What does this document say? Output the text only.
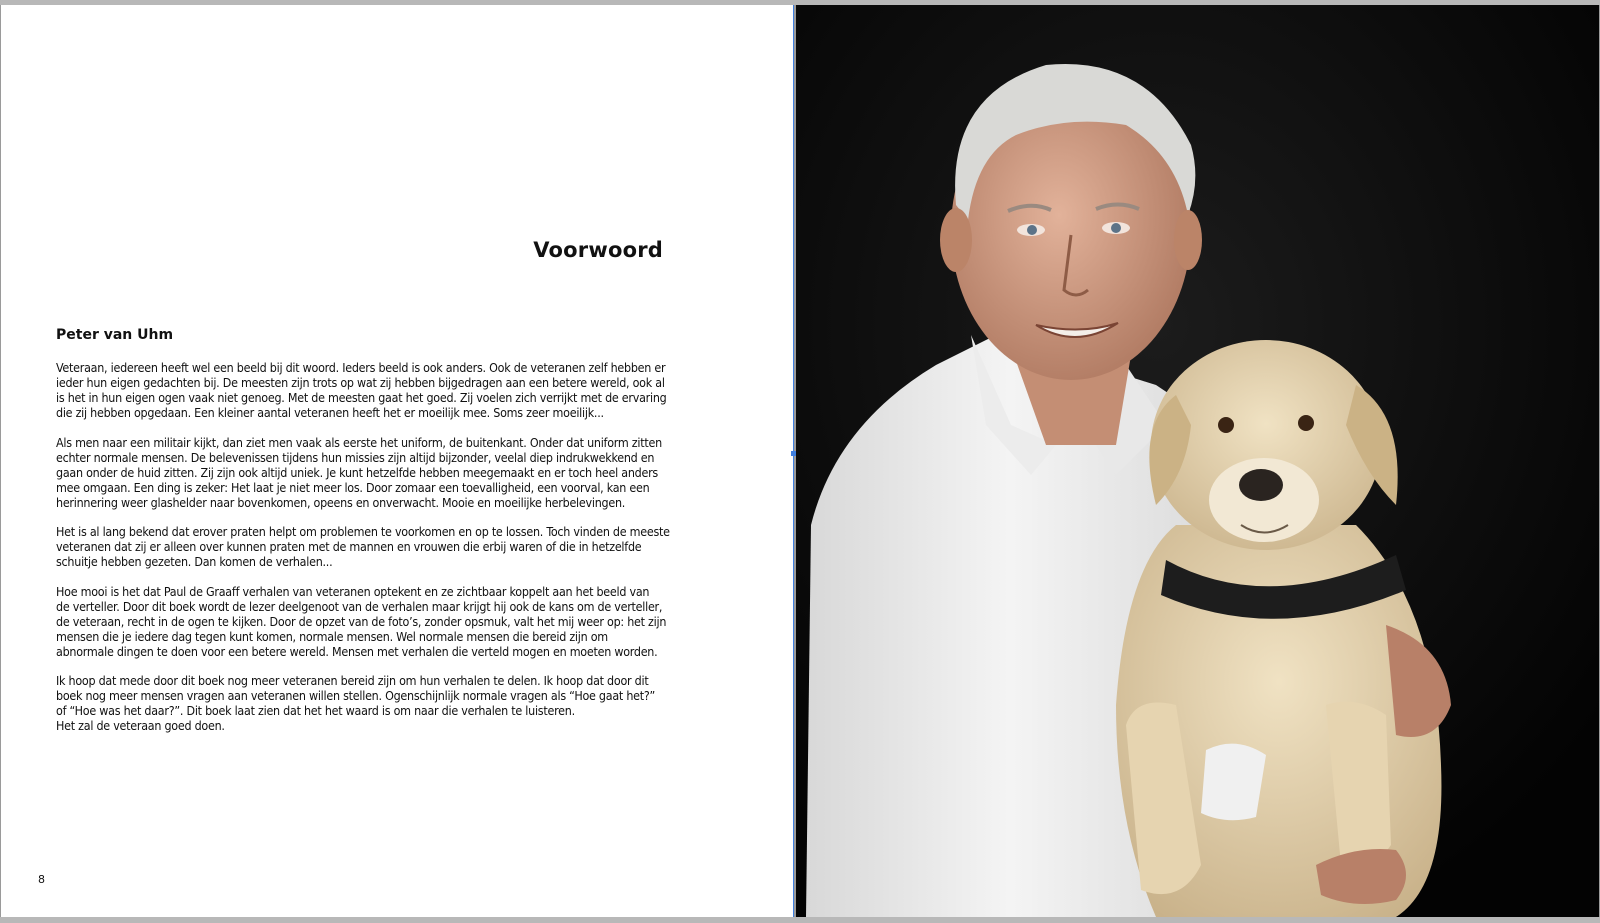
Voorwoord
Peter van Uhm

Veteraan, iedereen heeft wel een beeld bij dit woord. Ieders beeld is ook anders. Ook de veteranen zelf hebben er
ieder hun eigen gedachten bij. De meesten zijn trots op wat zij hebben bijgedragen aan een betere wereld, ook al
is het in hun eigen ogen vaak niet genoeg. Met de meesten gaat het goed. Zij voelen zich verrijkt met de ervaring
die zij hebben opgedaan. Een kleiner aantal veteranen heeft het er moeilijk mee. Soms zeer moeilijk...

Als men naar een militair kijkt, dan ziet men vaak als eerste het uniform, de buitenkant. Onder dat uniform zitten
echter normale mensen. De belevenissen tijdens hun missies zijn altijd bijzonder, veelal diep indrukwekkend en
gaan onder de huid zitten. Zij zijn ook altijd uniek. Je kunt hetzelfde hebben meegemaakt en er toch heel anders
mee omgaan. Een ding is zeker: Het laat je niet meer los. Door zomaar een toevalligheid, een voorval, kan een
herinnering weer glashelder naar bovenkomen, opeens en onverwacht. Mooie en moeilijke herbelevingen.

Het is al lang bekend dat erover praten helpt om problemen te voorkomen en op te lossen. Toch vinden de meeste
veteranen dat zij er alleen over kunnen praten met de mannen en vrouwen die erbij waren of die in hetzelfde
schuitje hebben gezeten. Dan komen de verhalen...

Hoe mooi is het dat Paul de Graaff verhalen van veteranen optekent en ze zichtbaar koppelt aan het beeld van
de verteller. Door dit boek wordt de lezer deelgenoot van de verhalen maar krijgt hij ook de kans om de verteller,
de veteraan, recht in de ogen te kijken. Door de opzet van de foto’s, zonder opsmuk, valt het mij weer op: het zijn
mensen die je iedere dag tegen kunt komen, normale mensen. Wel normale mensen die bereid zijn om
abnormale dingen te doen voor een betere wereld. Mensen met verhalen die verteld mogen en moeten worden.

Ik hoop dat mede door dit boek nog meer veteranen bereid zijn om hun verhalen te delen. Ik hoop dat door dit
boek nog meer mensen vragen aan veteranen willen stellen. Ogenschijnlijk normale vragen als “Hoe gaat het?”
of “Hoe was het daar?”. Dit boek laat zien dat het het waard is om naar die verhalen te luisteren.
Het zal de veteraan goed doen.

8
